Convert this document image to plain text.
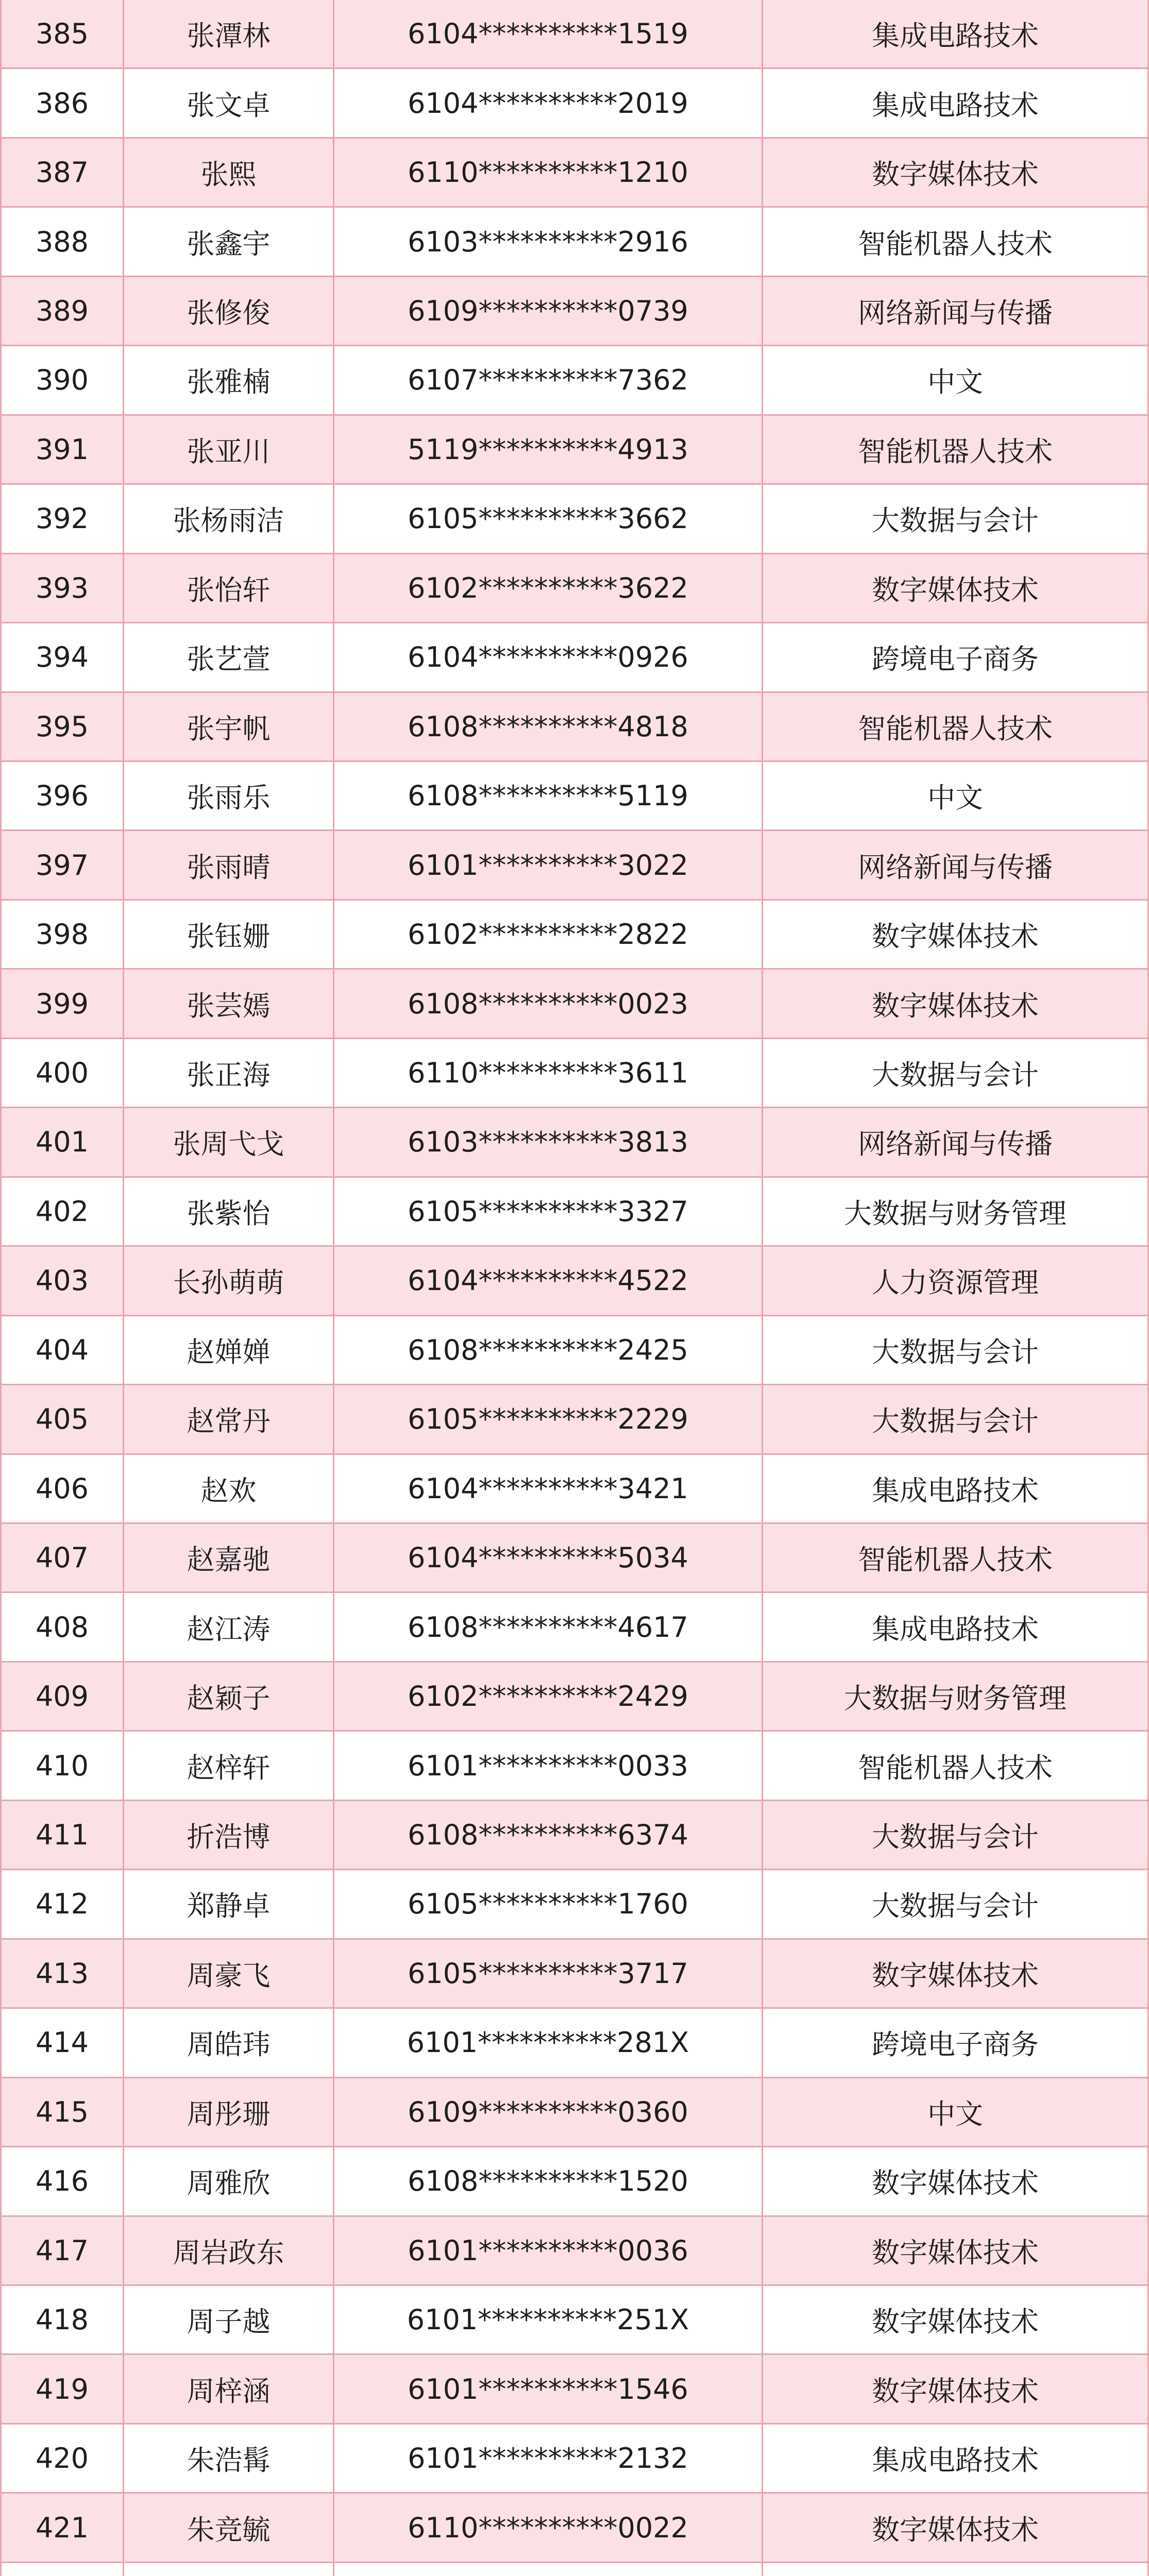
385	张潭林	6104**********1519	集成电路技术
386	张文卓	6104**********2019	集成电路技术
387	张熙	6110**********1210	数字媒体技术
388	张鑫宇	6103**********2916	智能机器人技术
389	张修俊	6109**********0739	网络新闻与传播
390	张雅楠	6107**********7362	中文
391	张亚川	5119**********4913	智能机器人技术
392	张杨雨洁	6105**********3662	大数据与会计
393	张怡轩	6102**********3622	数字媒体技术
394	张艺萱	6104**********0926	跨境电子商务
395	张宇帆	6108**********4818	智能机器人技术
396	张雨乐	6108**********5119	中文
397	张雨晴	6101**********3022	网络新闻与传播
398	张钰姗	6102**********2822	数字媒体技术
399	张芸嫣	6108**********0023	数字媒体技术
400	张正海	6110**********3611	大数据与会计
401	张周弋戈	6103**********3813	网络新闻与传播
402	张紫怡	6105**********3327	大数据与财务管理
403	长孙萌萌	6104**********4522	人力资源管理
404	赵婵婵	6108**********2425	大数据与会计
405	赵常丹	6105**********2229	大数据与会计
406	赵欢	6104**********3421	集成电路技术
407	赵嘉驰	6104**********5034	智能机器人技术
408	赵江涛	6108**********4617	集成电路技术
409	赵颖子	6102**********2429	大数据与财务管理
410	赵梓轩	6101**********0033	智能机器人技术
411	折浩博	6108**********6374	大数据与会计
412	郑静卓	6105**********1760	大数据与会计
413	周豪飞	6105**********3717	数字媒体技术
414	周皓玮	6101**********281X	跨境电子商务
415	周彤珊	6109**********0360	中文
416	周雅欣	6108**********1520	数字媒体技术
417	周岩政东	6101**********0036	数字媒体技术
418	周子越	6101**********251X	数字媒体技术
419	周梓涵	6101**********1546	数字媒体技术
420	朱浩髯	6101**********2132	集成电路技术
421	朱竞毓	6110**********0022	数字媒体技术
